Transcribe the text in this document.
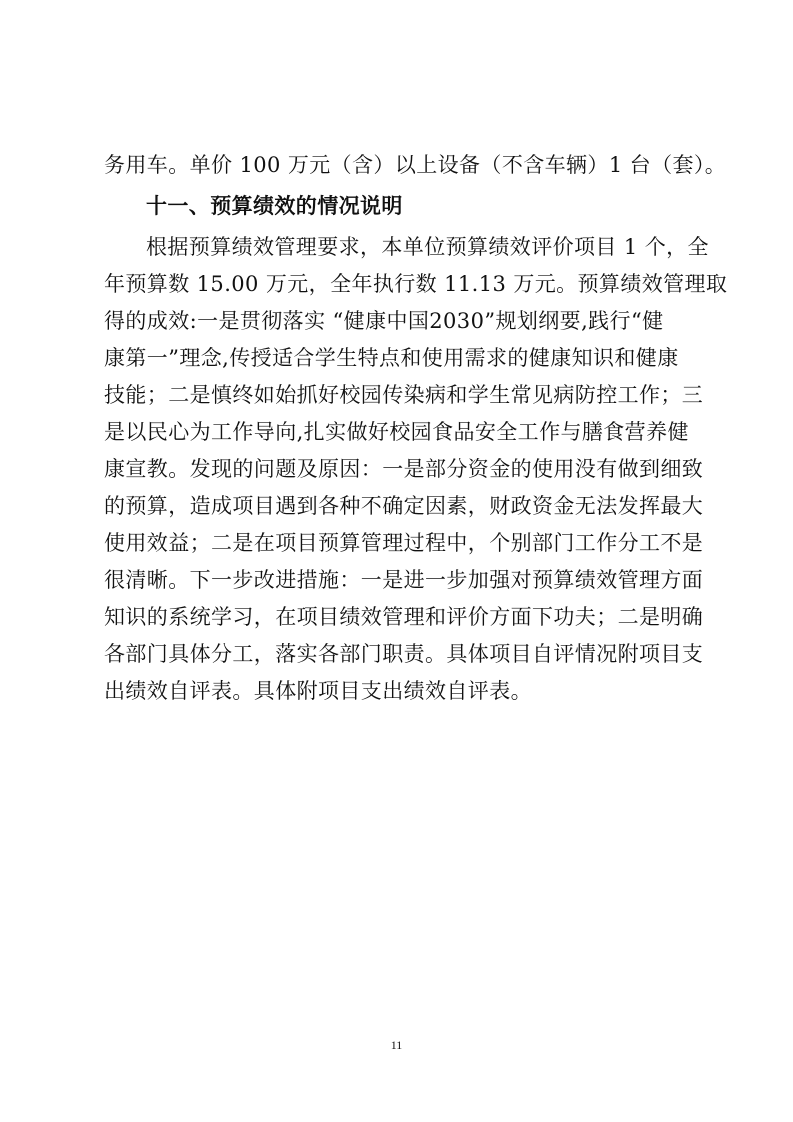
务用车。单价 100 万元（含）以上设备（不含车辆）1 台（套）。
十一、预算绩效的情况说明
根据预算绩效管理要求，本单位预算绩效评价项目 1 个，全
年预算数 15.00 万元，全年执行数 11.13 万元。预算绩效管理取
得的成效:一是贯彻落实 “健康中国2030”规划纲要,践行“健
康第一”理念,传授适合学生特点和使用需求的健康知识和健康
技能；二是慎终如始抓好校园传染病和学生常见病防控工作；三
是以民心为工作导向,扎实做好校园食品安全工作与膳食营养健
康宣教。发现的问题及原因：一是部分资金的使用没有做到细致
的预算，造成项目遇到各种不确定因素，财政资金无法发挥最大
使用效益；二是在项目预算管理过程中，个别部门工作分工不是
很清晰。下一步改进措施：一是进一步加强对预算绩效管理方面
知识的系统学习，在项目绩效管理和评价方面下功夫；二是明确
各部门具体分工，落实各部门职责。具体项目自评情况附项目支
出绩效自评表。具体附项目支出绩效自评表。
11
